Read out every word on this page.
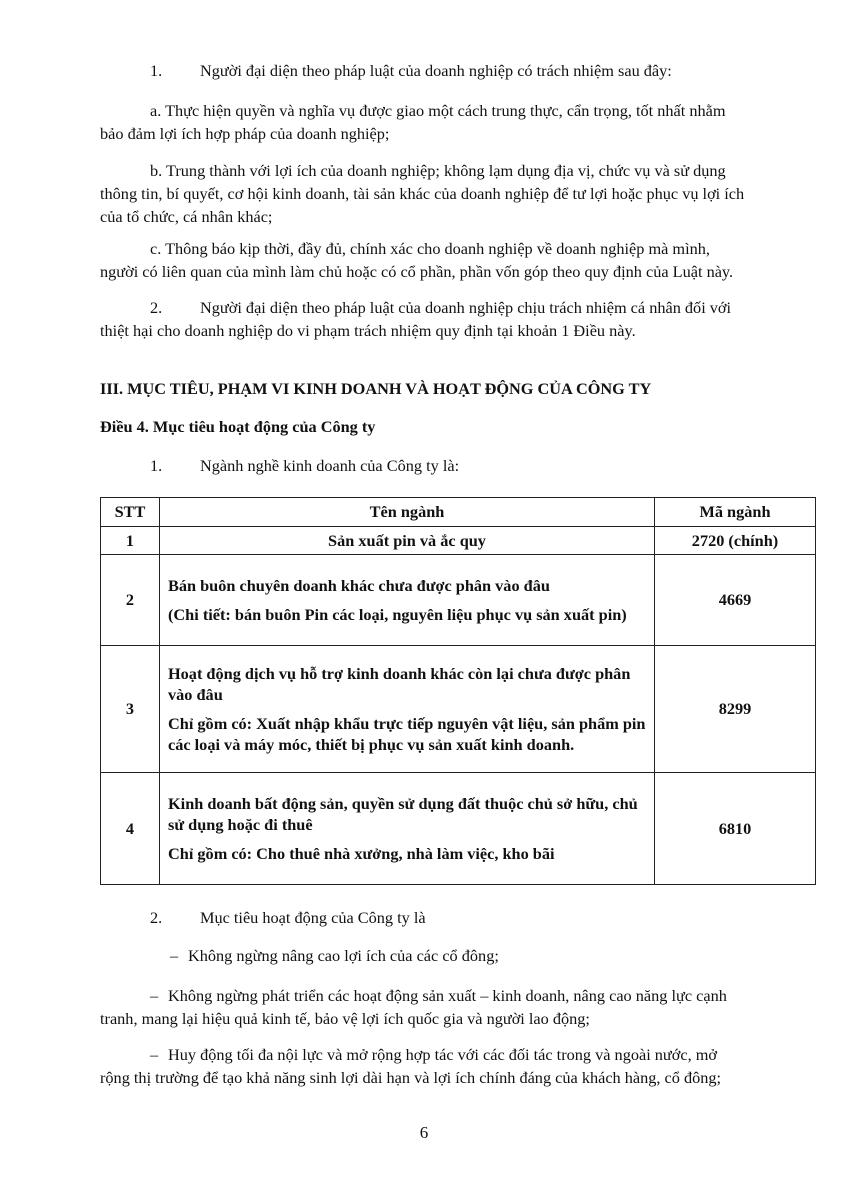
1. Người đại diện theo pháp luật của doanh nghiệp có trách nhiệm sau đây:

a. Thực hiện quyền và nghĩa vụ được giao một cách trung thực, cẩn trọng, tốt nhất nhằm bảo đảm lợi ích hợp pháp của doanh nghiệp;

b. Trung thành với lợi ích của doanh nghiệp; không lạm dụng địa vị, chức vụ và sử dụng thông tin, bí quyết, cơ hội kinh doanh, tài sản khác của doanh nghiệp để tư lợi hoặc phục vụ lợi ích của tổ chức, cá nhân khác;

c. Thông báo kịp thời, đầy đủ, chính xác cho doanh nghiệp về doanh nghiệp mà mình, người có liên quan của mình làm chủ hoặc có cổ phần, phần vốn góp theo quy định của Luật này.

2. Người đại diện theo pháp luật của doanh nghiệp chịu trách nhiệm cá nhân đối với thiệt hại cho doanh nghiệp do vi phạm trách nhiệm quy định tại khoản 1 Điều này.

III. MỤC TIÊU, PHẠM VI KINH DOANH VÀ HOẠT ĐỘNG CỦA CÔNG TY

Điều 4. Mục tiêu hoạt động của Công ty

1. Ngành nghề kinh doanh của Công ty là:

STT	Tên ngành	Mã ngành
1	Sản xuất pin và ắc quy	2720 (chính)
2	Bán buôn chuyên doanh khác chưa được phân vào đâu
(Chi tiết: bán buôn Pin các loại, nguyên liệu phục vụ sản xuất pin)	4669
3	Hoạt động dịch vụ hỗ trợ kinh doanh khác còn lại chưa được phân vào đâu
Chỉ gồm có: Xuất nhập khẩu trực tiếp nguyên vật liệu, sản phẩm pin các loại và máy móc, thiết bị phục vụ sản xuất kinh doanh.	8299
4	Kinh doanh bất động sản, quyền sử dụng đất thuộc chủ sở hữu, chủ sử dụng hoặc đi thuê
Chỉ gồm có: Cho thuê nhà xưởng, nhà làm việc, kho bãi	6810

2. Mục tiêu hoạt động của Công ty là

– Không ngừng nâng cao lợi ích của các cổ đông;

– Không ngừng phát triển các hoạt động sản xuất – kinh doanh, nâng cao năng lực cạnh tranh, mang lại hiệu quả kinh tế, bảo vệ lợi ích quốc gia và người lao động;

– Huy động tối đa nội lực và mở rộng hợp tác với các đối tác trong và ngoài nước, mở rộng thị trường để tạo khả năng sinh lợi dài hạn và lợi ích chính đáng của khách hàng, cổ đông;

6
